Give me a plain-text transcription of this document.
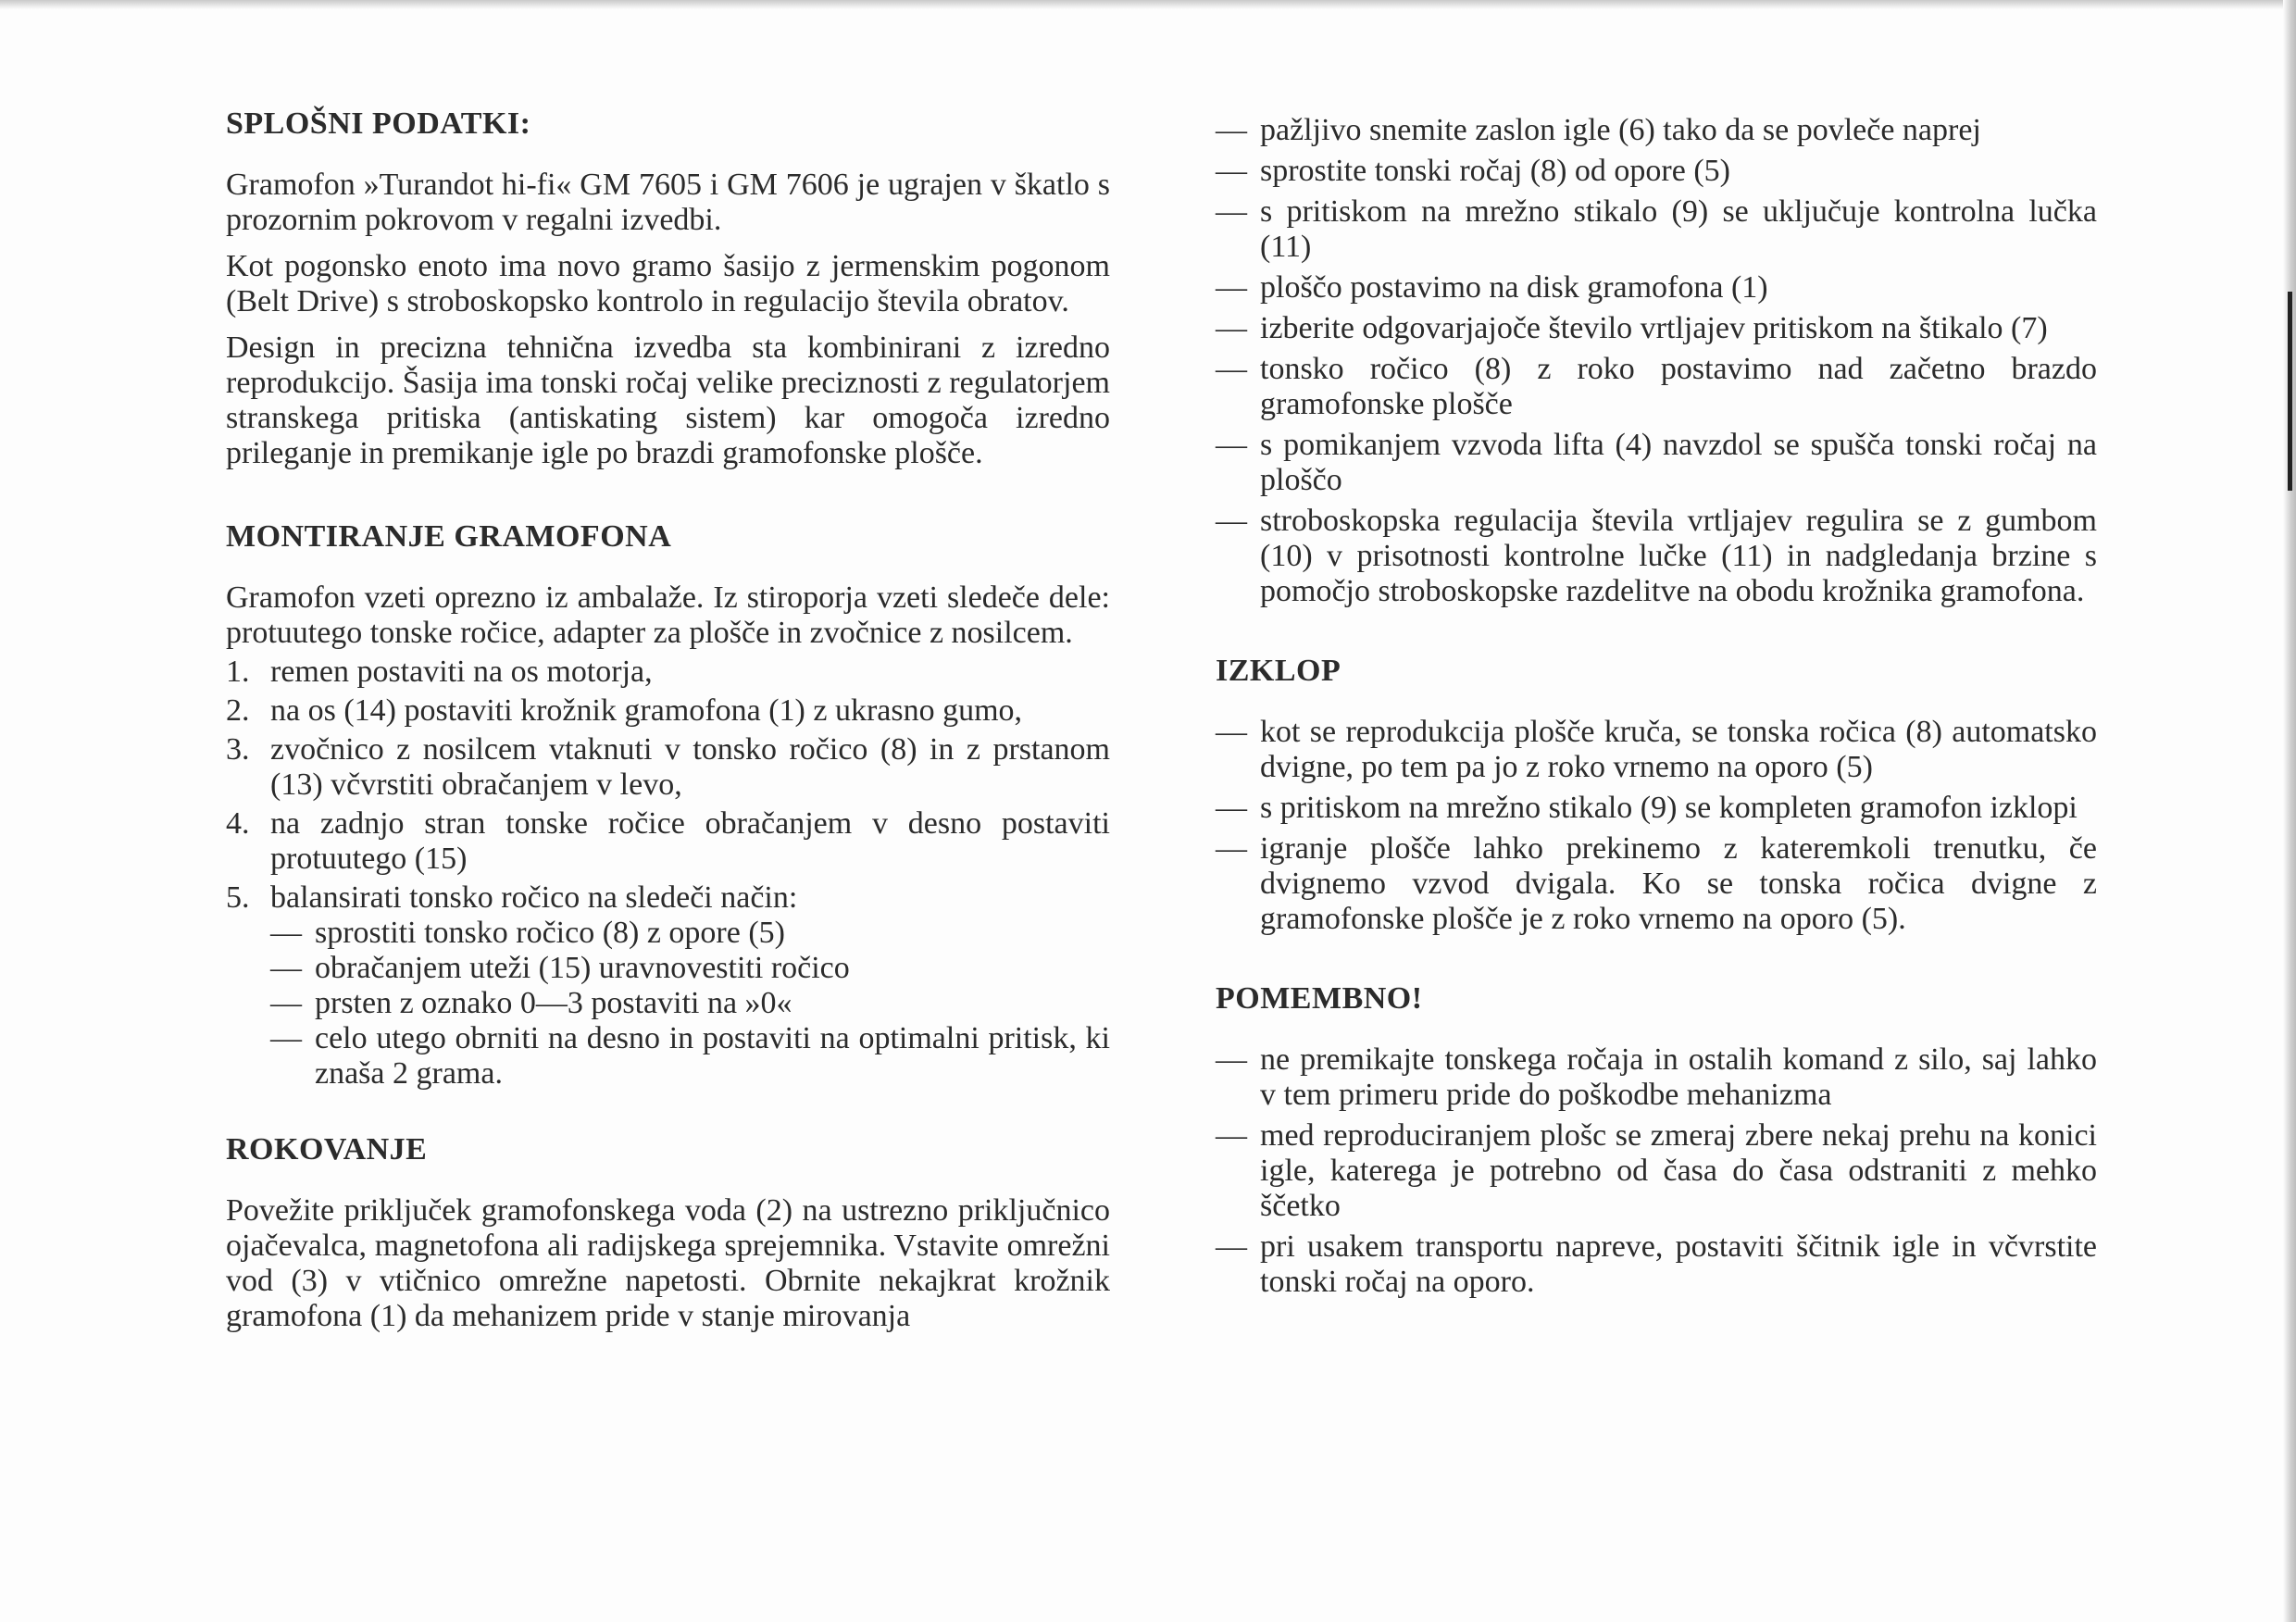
SPLOŠNI PODATKI:

Gramofon »Turandot hi-fi« GM 7605 i GM 7606 je ugrajen v škatlo s prozornim pokrovom v regalni izvedbi.

Kot pogonsko enoto ima novo gramo šasijo z jermenskim pogonom (Belt Drive) s stroboskopsko kontrolo in regulacijo števila obratov.

Design in precizna tehnična izvedba sta kombinirani z izredno reprodukcijo. Šasija ima tonski ročaj velike preciznosti z regulatorjem stranskega pritiska (antiskating sistem) kar omogoča izredno prileganje in premikanje igle po brazdi gramofonske plošče.

MONTIRANJE GRAMOFONA

Gramofon vzeti oprezno iz ambalaže. Iz stiroporja vzeti sledeče dele: protuutego tonske ročice, adapter za plošče in zvočnice z nosilcem.

1. remen postaviti na os motorja,
2. na os (14) postaviti krožnik gramofona (1) z ukrasno gumo,
3. zvočnico z nosilcem vtaknuti v tonsko ročico (8) in z prstanom (13) včvrstiti obračanjem v levo,
4. na zadnjo stran tonske ročice obračanjem v desno postaviti protuutego (15)
5. balansirati tonsko ročico na sledeči način:
— sprostiti tonsko ročico (8) z opore (5)
— obračanjem uteži (15) uravnovestiti ročico
— prsten z oznako 0—3 postaviti na »0«
— celo utego obrniti na desno in postaviti na optimalni pritisk, ki znaša 2 grama.
ROKOVANJE

Povežite priključek gramofonskega voda (2) na ustrezno priključnico ojačevalca, magnetofona ali radijskega sprejemnika. Vstavite omrežni vod (3) v vtičnico omrežne napetosti. Obrnite nekajkrat krožnik gramofona (1) da mehanizem pride v stanje mirovanja

— pažljivo snemite zaslon igle (6) tako da se povleče naprej
— sprostite tonski ročaj (8) od opore (5)
— s pritiskom na mrežno stikalo (9) se uključuje kontrolna lučka (11)
— ploščo postavimo na disk gramofona (1)
— izberite odgovarjajoče število vrtljajev pritiskom na štikalo (7)
— tonsko ročico (8) z roko postavimo nad začetno brazdo gramofonske plošče
— s pomikanjem vzvoda lifta (4) navzdol se spušča tonski ročaj na ploščo
— stroboskopska regulacija števila vrtljajev regulira se z gumbom (10) v prisotnosti kontrolne lučke (11) in nadgledanja brzine s pomočjo stroboskopske razdelitve na obodu krožnika gramofona.
IZKLOP
— kot se reprodukcija plošče kruča, se tonska ročica (8) automatsko dvigne, po tem pa jo z roko vrnemo na oporo (5)
— s pritiskom na mrežno stikalo (9) se kompleten gramofon izklopi
— igranje plošče lahko prekinemo z kateremkoli trenutku, če dvignemo vzvod dvigala. Ko se tonska ročica dvigne z gramofonske plošče je z roko vrnemo na oporo (5).
POMEMBNO!
— ne premikajte tonskega ročaja in ostalih komand z silo, saj lahko v tem primeru pride do poškodbe mehanizma
— med reproduciranjem plošc se zmeraj zbere nekaj prehu na konici igle, katerega je potrebno od časa do časa odstraniti z mehko ščetko
— pri usakem transportu napreve, postaviti ščitnik igle in včvrstite tonski ročaj na oporo.
